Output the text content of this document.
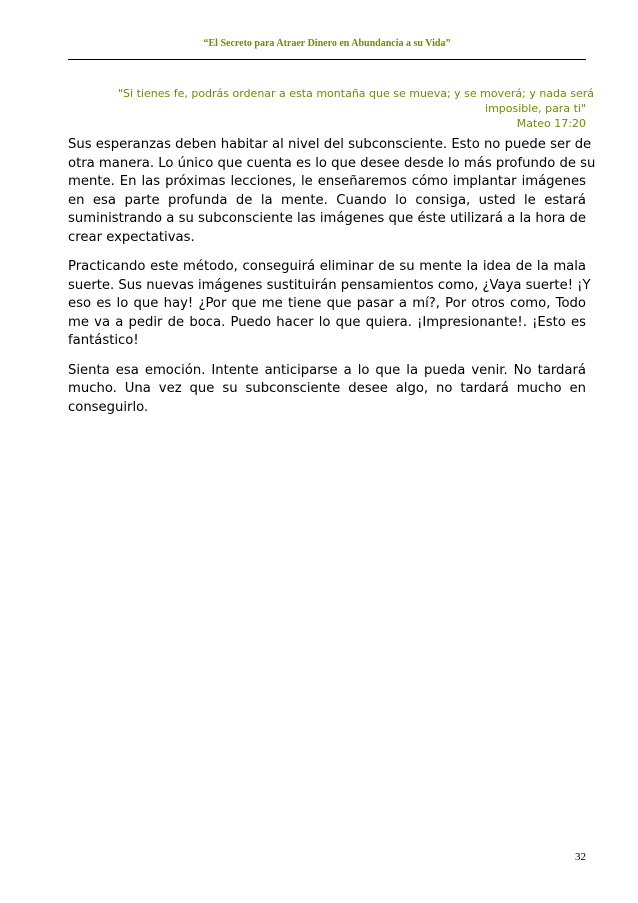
“El Secreto para Atraer Dinero en Abundancia a su Vida”
"Si tienes fe, podrás ordenar a esta montaña que se mueva; y se moverá; y nada será
imposible, para ti"
Mateo 17:20
Sus esperanzas deben habitar al nivel del subconsciente. Esto no puede ser de
otra manera. Lo único que cuenta es lo que desee desde lo más profundo de su
mente. En las próximas lecciones, le enseñaremos cómo implantar imágenes
en esa parte profunda de la mente. Cuando lo consiga, usted le estará
suministrando a su subconsciente las imágenes que éste utilizará a la hora de
crear expectativas.
Practicando este método, conseguirá eliminar de su mente la idea de la mala
suerte. Sus nuevas imágenes sustituirán pensamientos como, ¿Vaya suerte! ¡Y
eso es lo que hay! ¿Por que me tiene que pasar a mí?, Por otros como, Todo
me va a pedir de boca. Puedo hacer lo que quiera. ¡Impresionante!. ¡Esto es
fantástico!
Sienta esa emoción. Intente anticiparse a lo que la pueda venir. No tardará
mucho. Una vez que su subconsciente desee algo, no tardará mucho en
conseguirlo.
32
